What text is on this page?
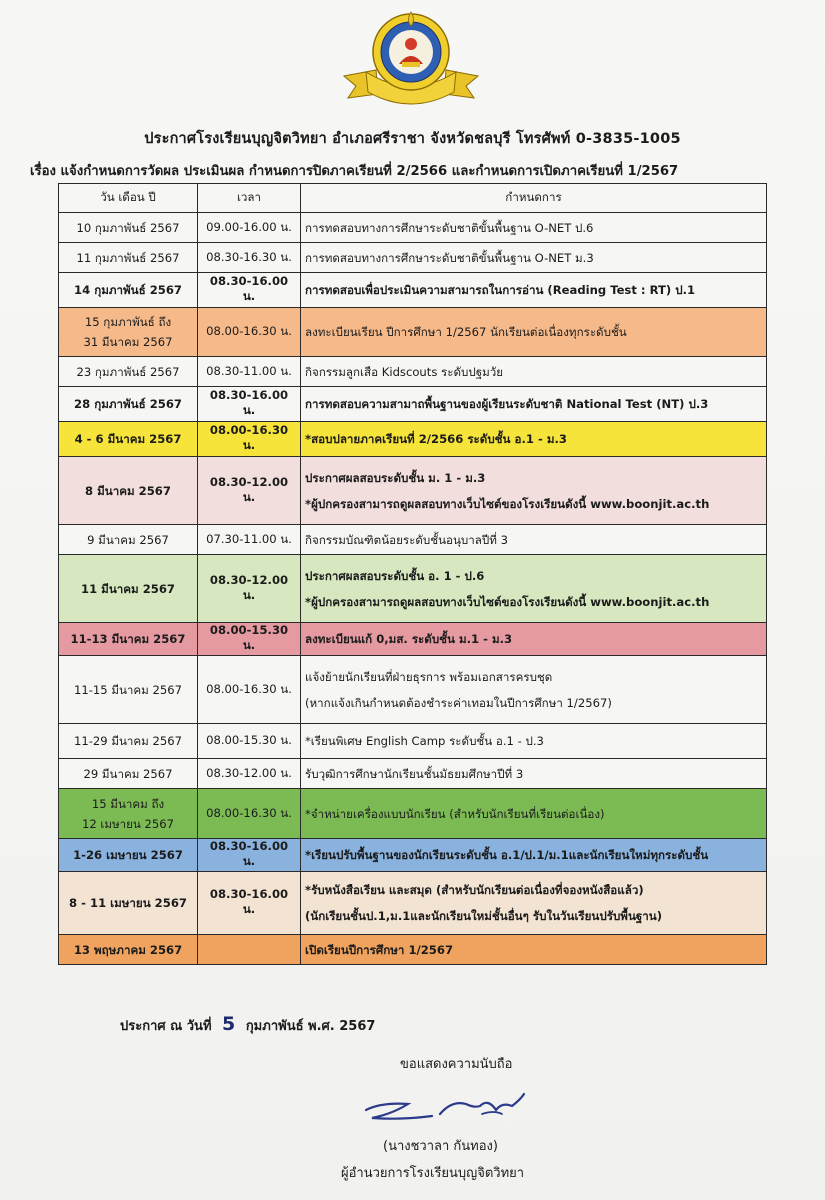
ประกาศโรงเรียนบุญจิตวิทยา อำเภอศรีราชา จังหวัดชลบุรี โทรศัพท์ 0-3835-1005
เรื่อง แจ้งกำหนดการวัดผล ประเมินผล กำหนดการปิดภาคเรียนที่ 2/2566 และกำหนดการเปิดภาคเรียนที่ 1/2567
วัน เดือน ปี	เวลา	กำหนดการ
10 กุมภาพันธ์ 2567	09.00-16.00 น.	การทดสอบทางการศึกษาระดับชาติขั้นพื้นฐาน O-NET ป.6

11 กุมภาพันธ์ 2567	08.30-16.30 น.	การทดสอบทางการศึกษาระดับชาติขั้นพื้นฐาน O-NET ม.3

14 กุมภาพันธ์ 2567	08.30-16.00 น.	การทดสอบเพื่อประเมินความสามารถในการอ่าน (Reading Test : RT) ป.1

15 กุมภาพันธ์ ถึง
31 มีนาคม 2567	08.00-16.30 น.	ลงทะเบียนเรียน ปีการศึกษา 1/2567 นักเรียนต่อเนื่องทุกระดับชั้น

23 กุมภาพันธ์ 2567	08.30-11.00 น.	กิจกรรมลูกเสือ Kidscouts ระดับปฐมวัย

28 กุมภาพันธ์ 2567	08.30-16.00 น.	การทดสอบความสามาถพื้นฐานของผู้เรียนระดับชาติ National Test (NT) ป.3

4 - 6 มีนาคม 2567	08.00-16.30 น.	*สอบปลายภาคเรียนที่ 2/2566 ระดับชั้น อ.1 - ม.3

8 มีนาคม 2567	08.30-12.00 น.	ประกาศผลสอบระดับชั้น ม. 1 - ม.3
*ผู้ปกครองสามารถดูผลสอบทางเว็บไซต์ของโรงเรียนดังนี้ www.boonjit.ac.th

9 มีนาคม 2567	07.30-11.00 น.	กิจกรรมบัณฑิตน้อยระดับชั้นอนุบาลปีที่ 3

11 มีนาคม 2567	08.30-12.00 น.	ประกาศผลสอบระดับชั้น อ. 1 - ป.6
*ผู้ปกครองสามารถดูผลสอบทางเว็บไซต์ของโรงเรียนดังนี้ www.boonjit.ac.th

11-13 มีนาคม 2567	08.00-15.30 น.	ลงทะเบียนแก้ 0,มส. ระดับชั้น ม.1 - ม.3

11-15 มีนาคม 2567	08.00-16.30 น.	แจ้งย้ายนักเรียนที่ฝ่ายธุรการ พร้อมเอกสารครบชุด
(หากแจ้งเกินกำหนดต้องชำระค่าเทอมในปีการศึกษา 1/2567)

11-29 มีนาคม 2567	08.00-15.30 น.	*เรียนพิเศษ English Camp ระดับชั้น อ.1 - ป.3

29 มีนาคม 2567	08.30-12.00 น.	รับวุฒิการศึกษานักเรียนชั้นมัธยมศึกษาปีที่ 3

15 มีนาคม ถึง
12 เมษายน 2567	08.00-16.30 น.	*จำหน่ายเครื่องแบบนักเรียน (สำหรับนักเรียนที่เรียนต่อเนื่อง)

1-26 เมษายน 2567	08.30-16.00 น.	*เรียนปรับพื้นฐานของนักเรียนระดับชั้น อ.1/ป.1/ม.1และนักเรียนใหม่ทุกระดับชั้น

8 - 11 เมษายน 2567	08.30-16.00 น.	*รับหนังสือเรียน และสมุด (สำหรับนักเรียนต่อเนื่องที่จองหนังสือแล้ว)
(นักเรียนชั้นป.1,ม.1และนักเรียนใหม่ชั้นอื่นๆ รับในวันเรียนปรับพื้นฐาน)

13 พฤษภาคม 2567		เปิดเรียนปีการศึกษา 1/2567
ประกาศ ณ วันที่ 5 กุมภาพันธ์ พ.ศ. 2567
ขอแสดงความนับถือ
(นางชวาลา กันทอง)
ผู้อำนวยการโรงเรียนบุญจิตวิทยา
